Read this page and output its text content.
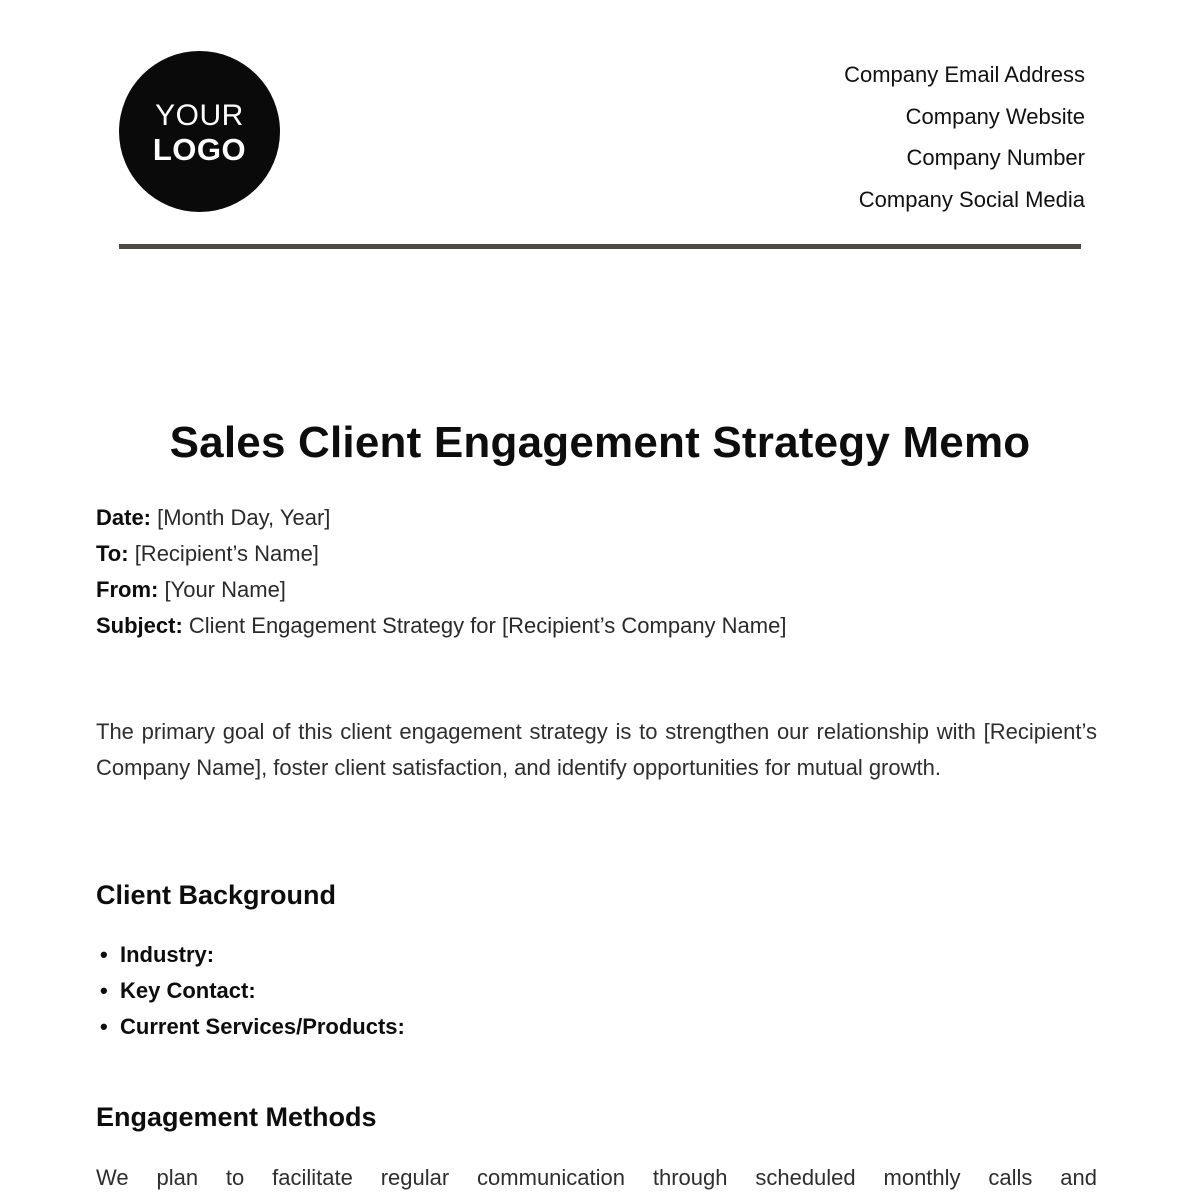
YOUR
LOGO
Company Email Address
Company Website
Company Number
Company Social Media
Sales Client Engagement Strategy Memo
Date: [Month Day, Year]
To: [Recipient’s Name]
From: [Your Name]
Subject: Client Engagement Strategy for [Recipient’s Company Name]

The primary goal of this client engagement strategy is to strengthen our relationship with [Recipient’s Company Name], foster client satisfaction, and identify opportunities for mutual growth.

Client Background
• Industry:
• Key Contact:
• Current Services/Products:
Engagement Methods

We plan to facilitate regular communication through scheduled monthly calls and
